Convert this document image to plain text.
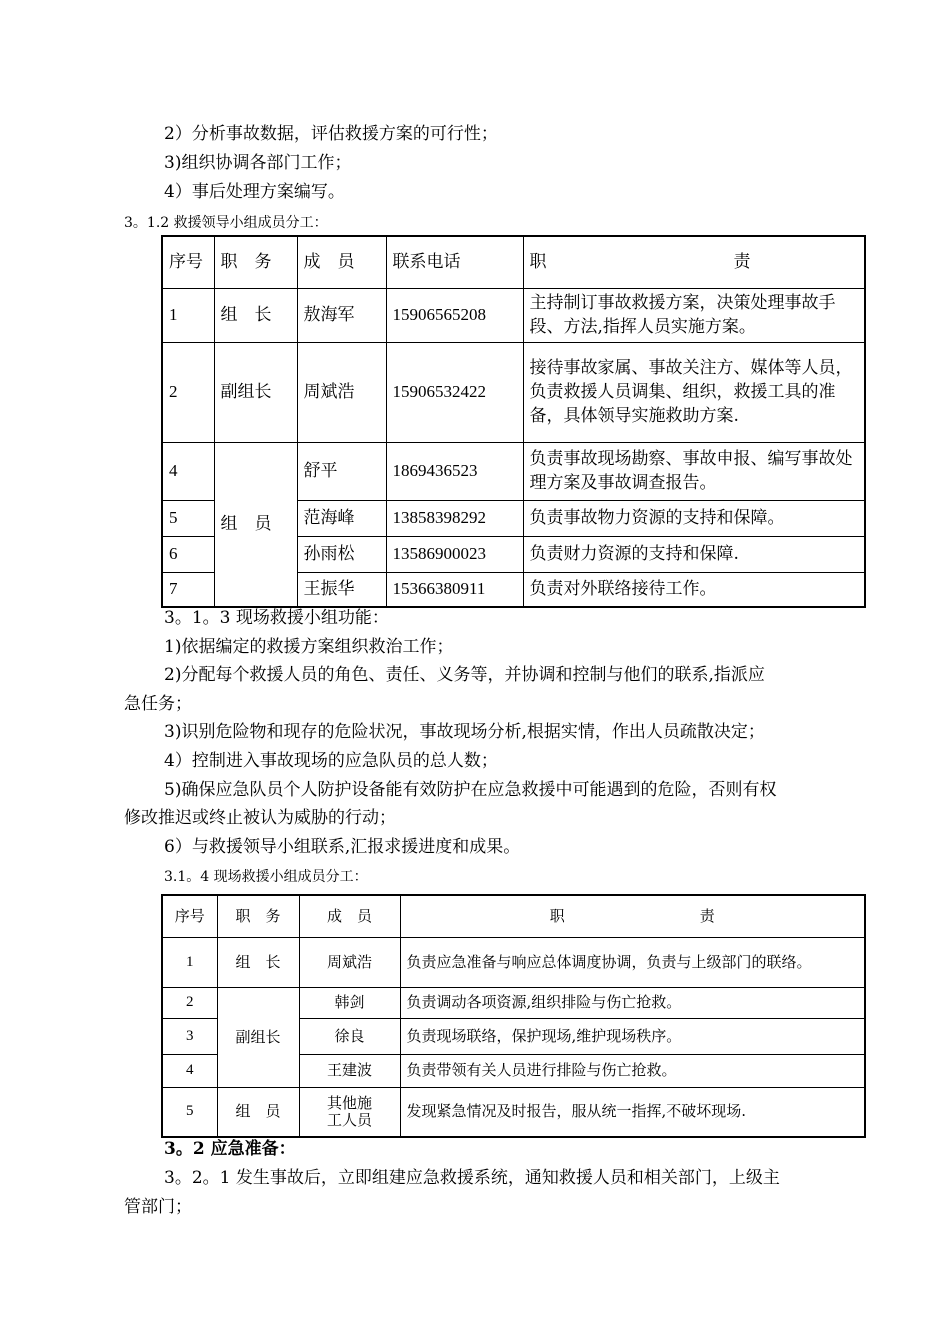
2）分析事故数据，评估救援方案的可行性；
3)组织协调各部门工作；
4）事后处理方案编写。
3。1.2 救援领导小组成员分工：
序号	职　务	成　员	联系电话	职　　　　　　　　　　　责
1	组　长	敖海军	15906565208	主持制订事故救援方案，决策处理事故手段、方法,指挥人员实施方案。
2	副组长	周斌浩	15906532422	接待事故家属、事故关注方、媒体等人员，负责救援人员调集、组织，救援工具的准备，具体领导实施救助方案.
4	组　员	舒平	1869436523	负责事故现场勘察、事故申报、编写事故处理方案及事故调查报告。
5		范海峰	13858398292	负责事故物力资源的支持和保障。
6		孙雨松	13586900023	负责财力资源的支持和保障.
7		王振华	15366380911	负责对外联络接待工作。
3。1。3 现场救援小组功能：
1)依据编定的救援方案组织救治工作；
2)分配每个救援人员的角色、责任、义务等，并协调和控制与他们的联系,指派应
急任务；
3)识别危险物和现存的危险状况，事故现场分析,根据实情，作出人员疏散决定；
4）控制进入事故现场的应急队员的总人数；
5)确保应急队员个人防护设备能有效防护在应急救援中可能遇到的危险，否则有权
修改推迟或终止被认为威胁的行动；
6）与救援领导小组联系,汇报求援进度和成果。
3.1。4 现场救援小组成员分工：
序号	职　务	成　员	职　　　　　　　　　责
1	组　长	周斌浩	负责应急准备与响应总体调度协调，负责与上级部门的联络。
2	副组长	韩剑	负责调动各项资源,组织排险与伤亡抢救。
3		徐良	负责现场联络，保护现场,维护现场秩序。
4		王建波	负责带领有关人员进行排险与伤亡抢救。
5	组　员	其他施工人员	发现紧急情况及时报告，服从统一指挥,不破坏现场.
3。2 应急准备：
3。2。1 发生事故后，立即组建应急救援系统，通知救援人员和相关部门，上级主
管部门；
